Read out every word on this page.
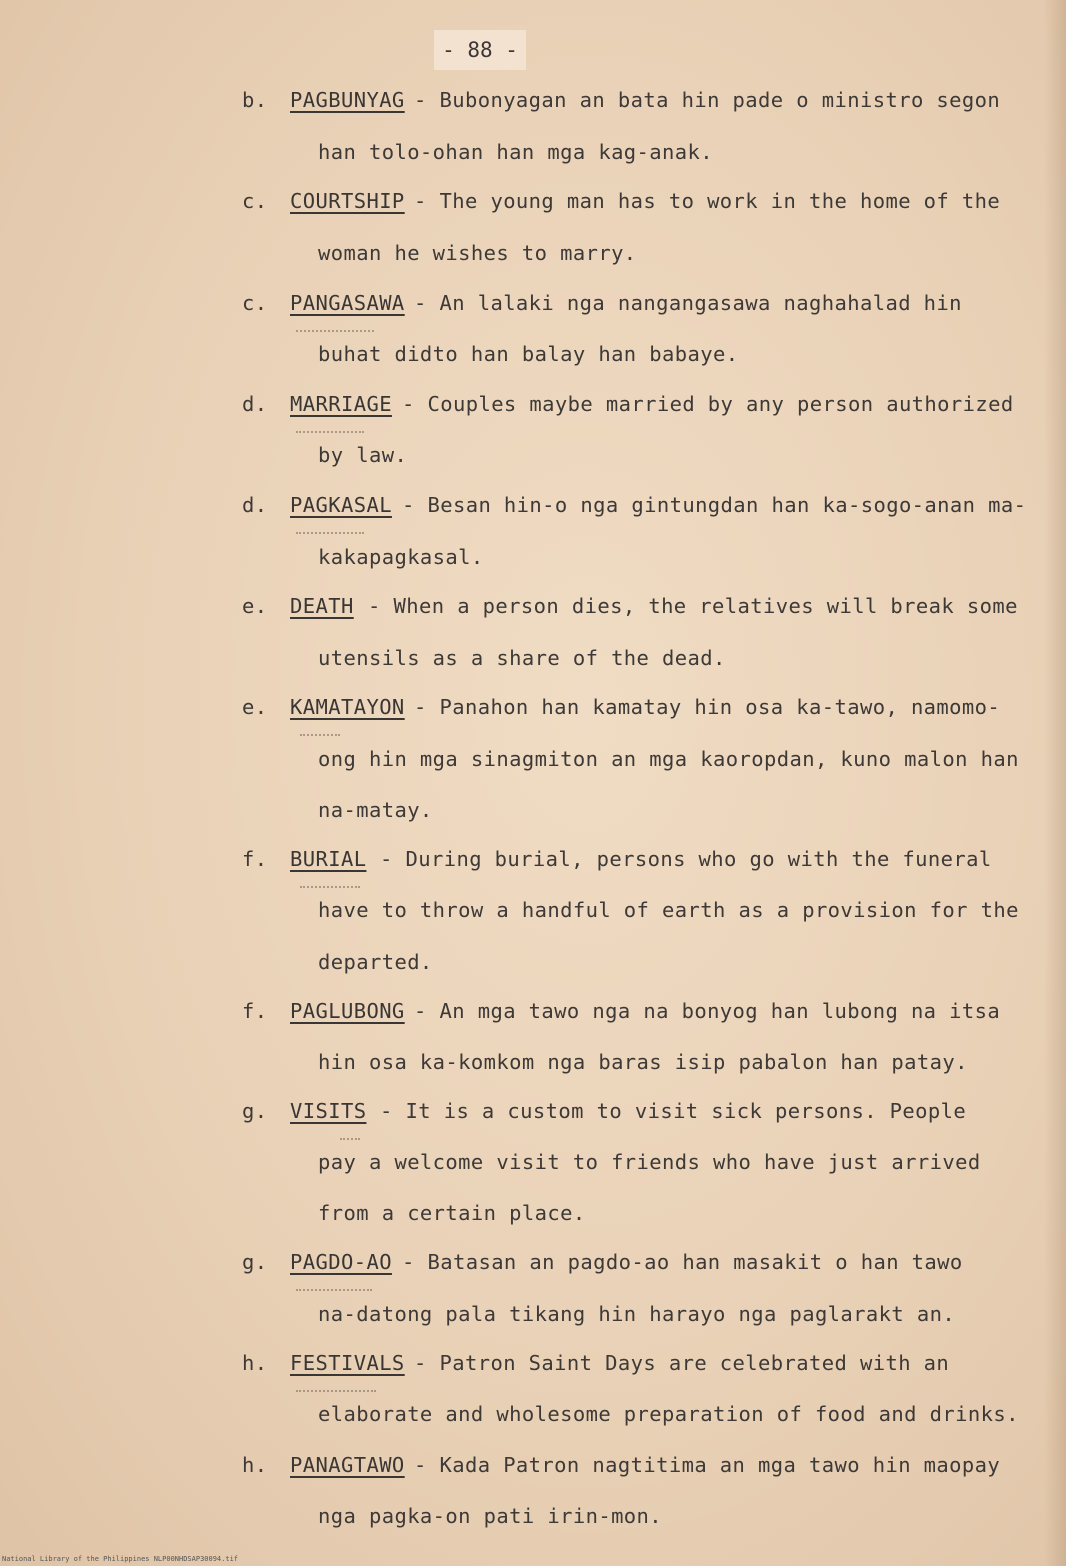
- 88 -
b. PAGBUNYAG - Bubonyagan an bata hin pade o ministro segon
han tolo-ohan han mga kag-anak.
c. COURTSHIP - The young man has to work in the home of the
woman he wishes to marry.
c. PANGASAWA - An lalaki nga nangangasawa naghahalad hin
buhat didto han balay han babaye.
d. MARRIAGE - Couples maybe married by any person authorized
by law.
d. PAGKASAL - Besan hin-o nga gintungdan han ka-sogo-anan ma-
kakapagkasal.
e. DEATH - When a person dies, the relatives will break some
utensils as a share of the dead.
e. KAMATAYON - Panahon han kamatay hin osa ka-tawo, namomo-
ong hin mga sinagmiton an mga kaoropdan, kuno malon han
na-matay.
f. BURIAL - During burial, persons who go with the funeral
have to throw a handful of earth as a provision for the
departed.
f. PAGLUBONG - An mga tawo nga na bonyog han lubong na itsa
hin osa ka-komkom nga baras isip pabalon han patay.
g. VISITS - It is a custom to visit sick persons. People
pay a welcome visit to friends who have just arrived
from a certain place.
g. PAGDO-AO - Batasan an pagdo-ao han masakit o han tawo
na-datong pala tikang hin harayo nga paglarakt an.
h. FESTIVALS - Patron Saint Days are celebrated with an
elaborate and wholesome preparation of food and drinks.
h. PANAGTAWO - Kada Patron nagtitima an mga tawo hin maopay
nga pagka-on pati irin-mon.
National Library of the Philippines NLP00NHDSAP30094.tif
